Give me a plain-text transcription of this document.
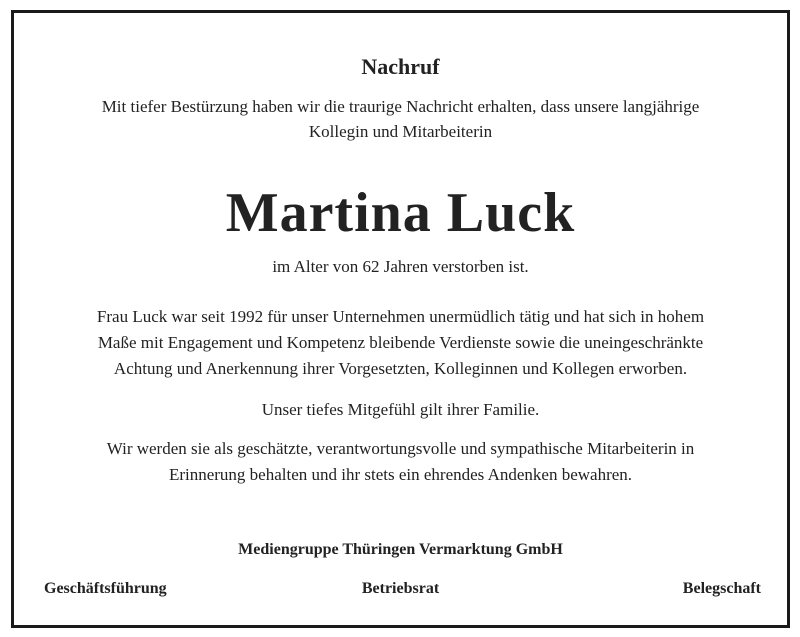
Nachruf
Mit tiefer Bestürzung haben wir die traurige Nachricht erhalten, dass unsere langjährige
Kollegin und Mitarbeiterin
Martina Luck
im Alter von 62 Jahren verstorben ist.
Frau Luck war seit 1992 für unser Unternehmen unermüdlich tätig und hat sich in hohem
Maße mit Engagement und Kompetenz bleibende Verdienste sowie die uneingeschränkte
Achtung und Anerkennung ihrer Vorgesetzten, Kolleginnen und Kollegen erworben.
Unser tiefes Mitgefühl gilt ihrer Familie.
Wir werden sie als geschätzte, verantwortungsvolle und sympathische Mitarbeiterin in
Erinnerung behalten und ihr stets ein ehrendes Andenken bewahren.
Mediengruppe Thüringen Vermarktung GmbH
Geschäftsführung	Betriebsrat	Belegschaft
